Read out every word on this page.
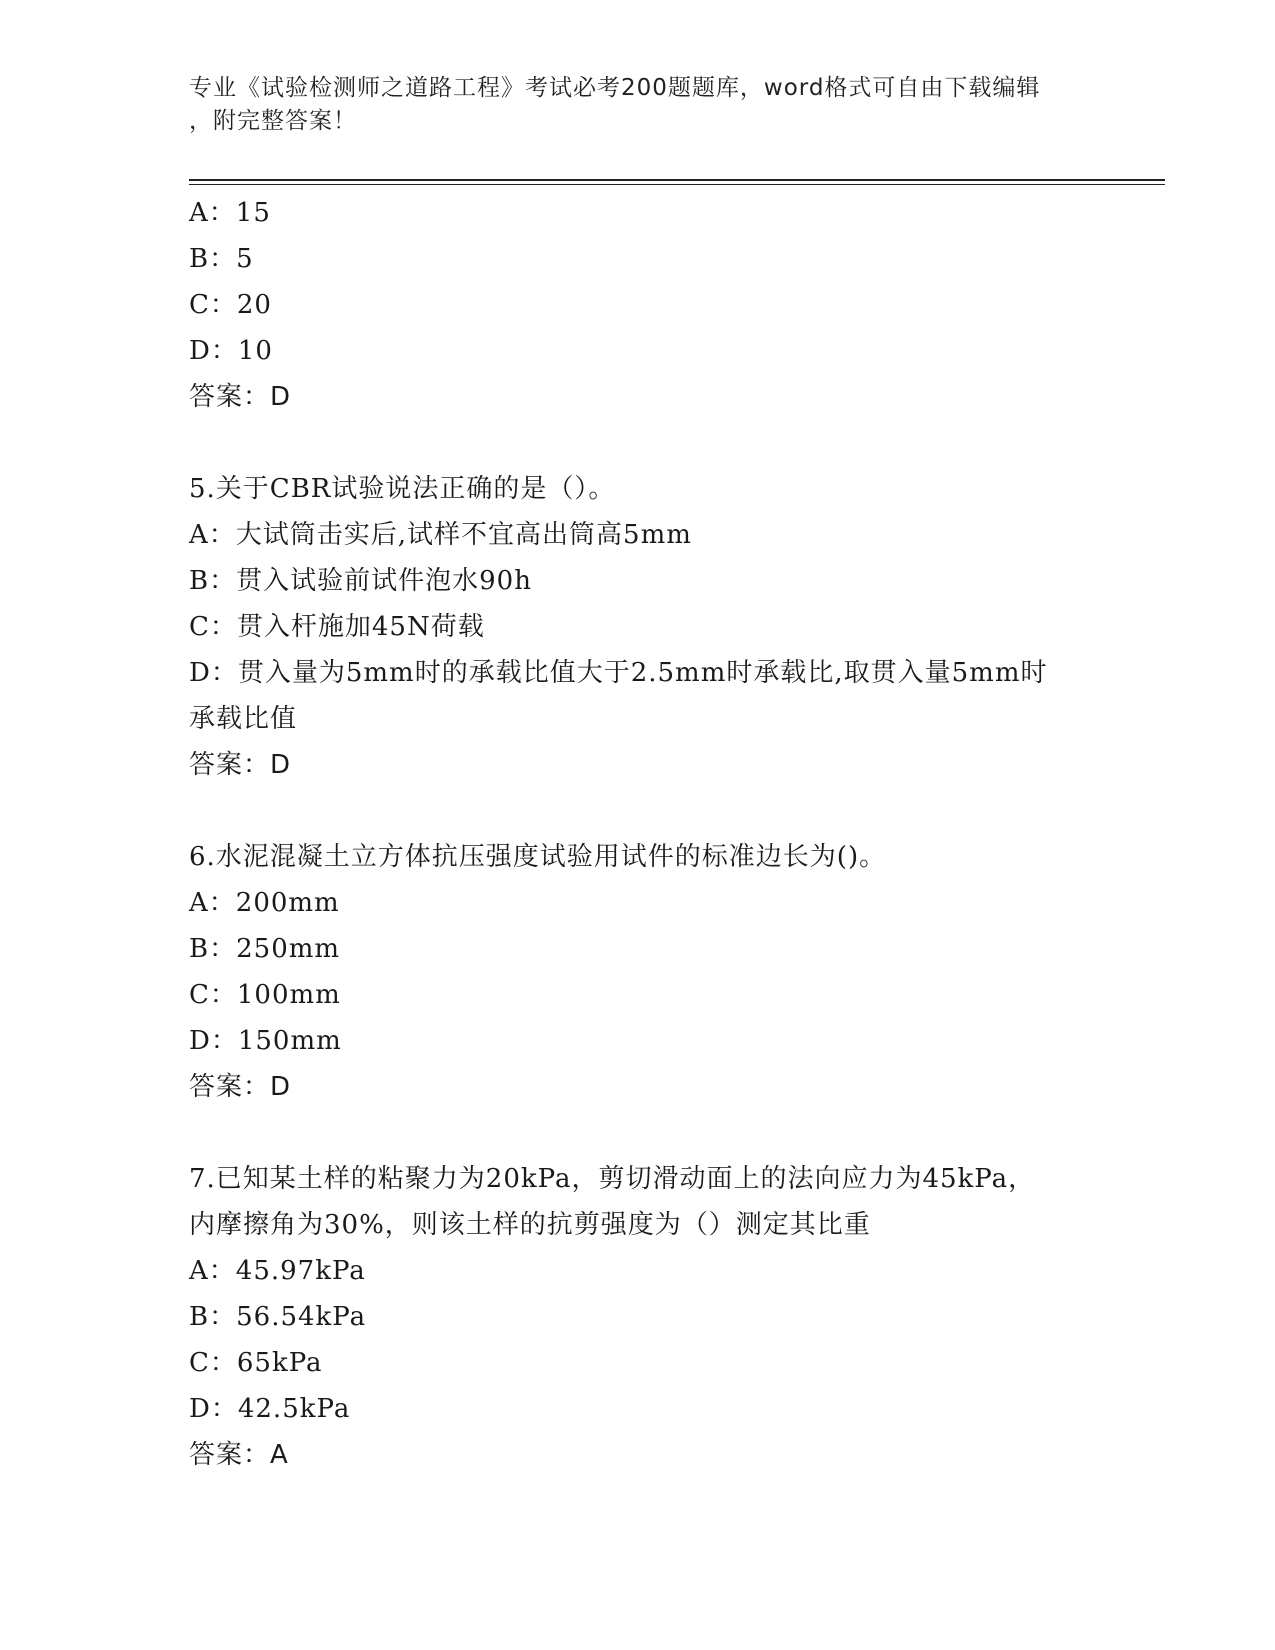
专业《试验检测师之道路工程》考试必考200题题库，word格式可自由下载编辑
，附完整答案！
A：15
B：5
C：20
D：10
答案：D
5.关于CBR试验说法正确的是（）。
A：大试筒击实后,试样不宜高出筒高5mm
B：贯入试验前试件泡水90h
C：贯入杆施加45N荷载
D：贯入量为5mm时的承载比值大于2.5mm时承载比,取贯入量5mm时
承载比值
答案：D
6.水泥混凝土立方体抗压强度试验用试件的标准边长为()。
A：200mm
B：250mm
C：100mm
D：150mm
答案：D
7.已知某土样的粘聚力为20kPa，剪切滑动面上的法向应力为45kPa，
内摩擦角为30%，则该土样的抗剪强度为（）测定其比重
A：45.97kPa
B：56.54kPa
C：65kPa
D：42.5kPa
答案：A
